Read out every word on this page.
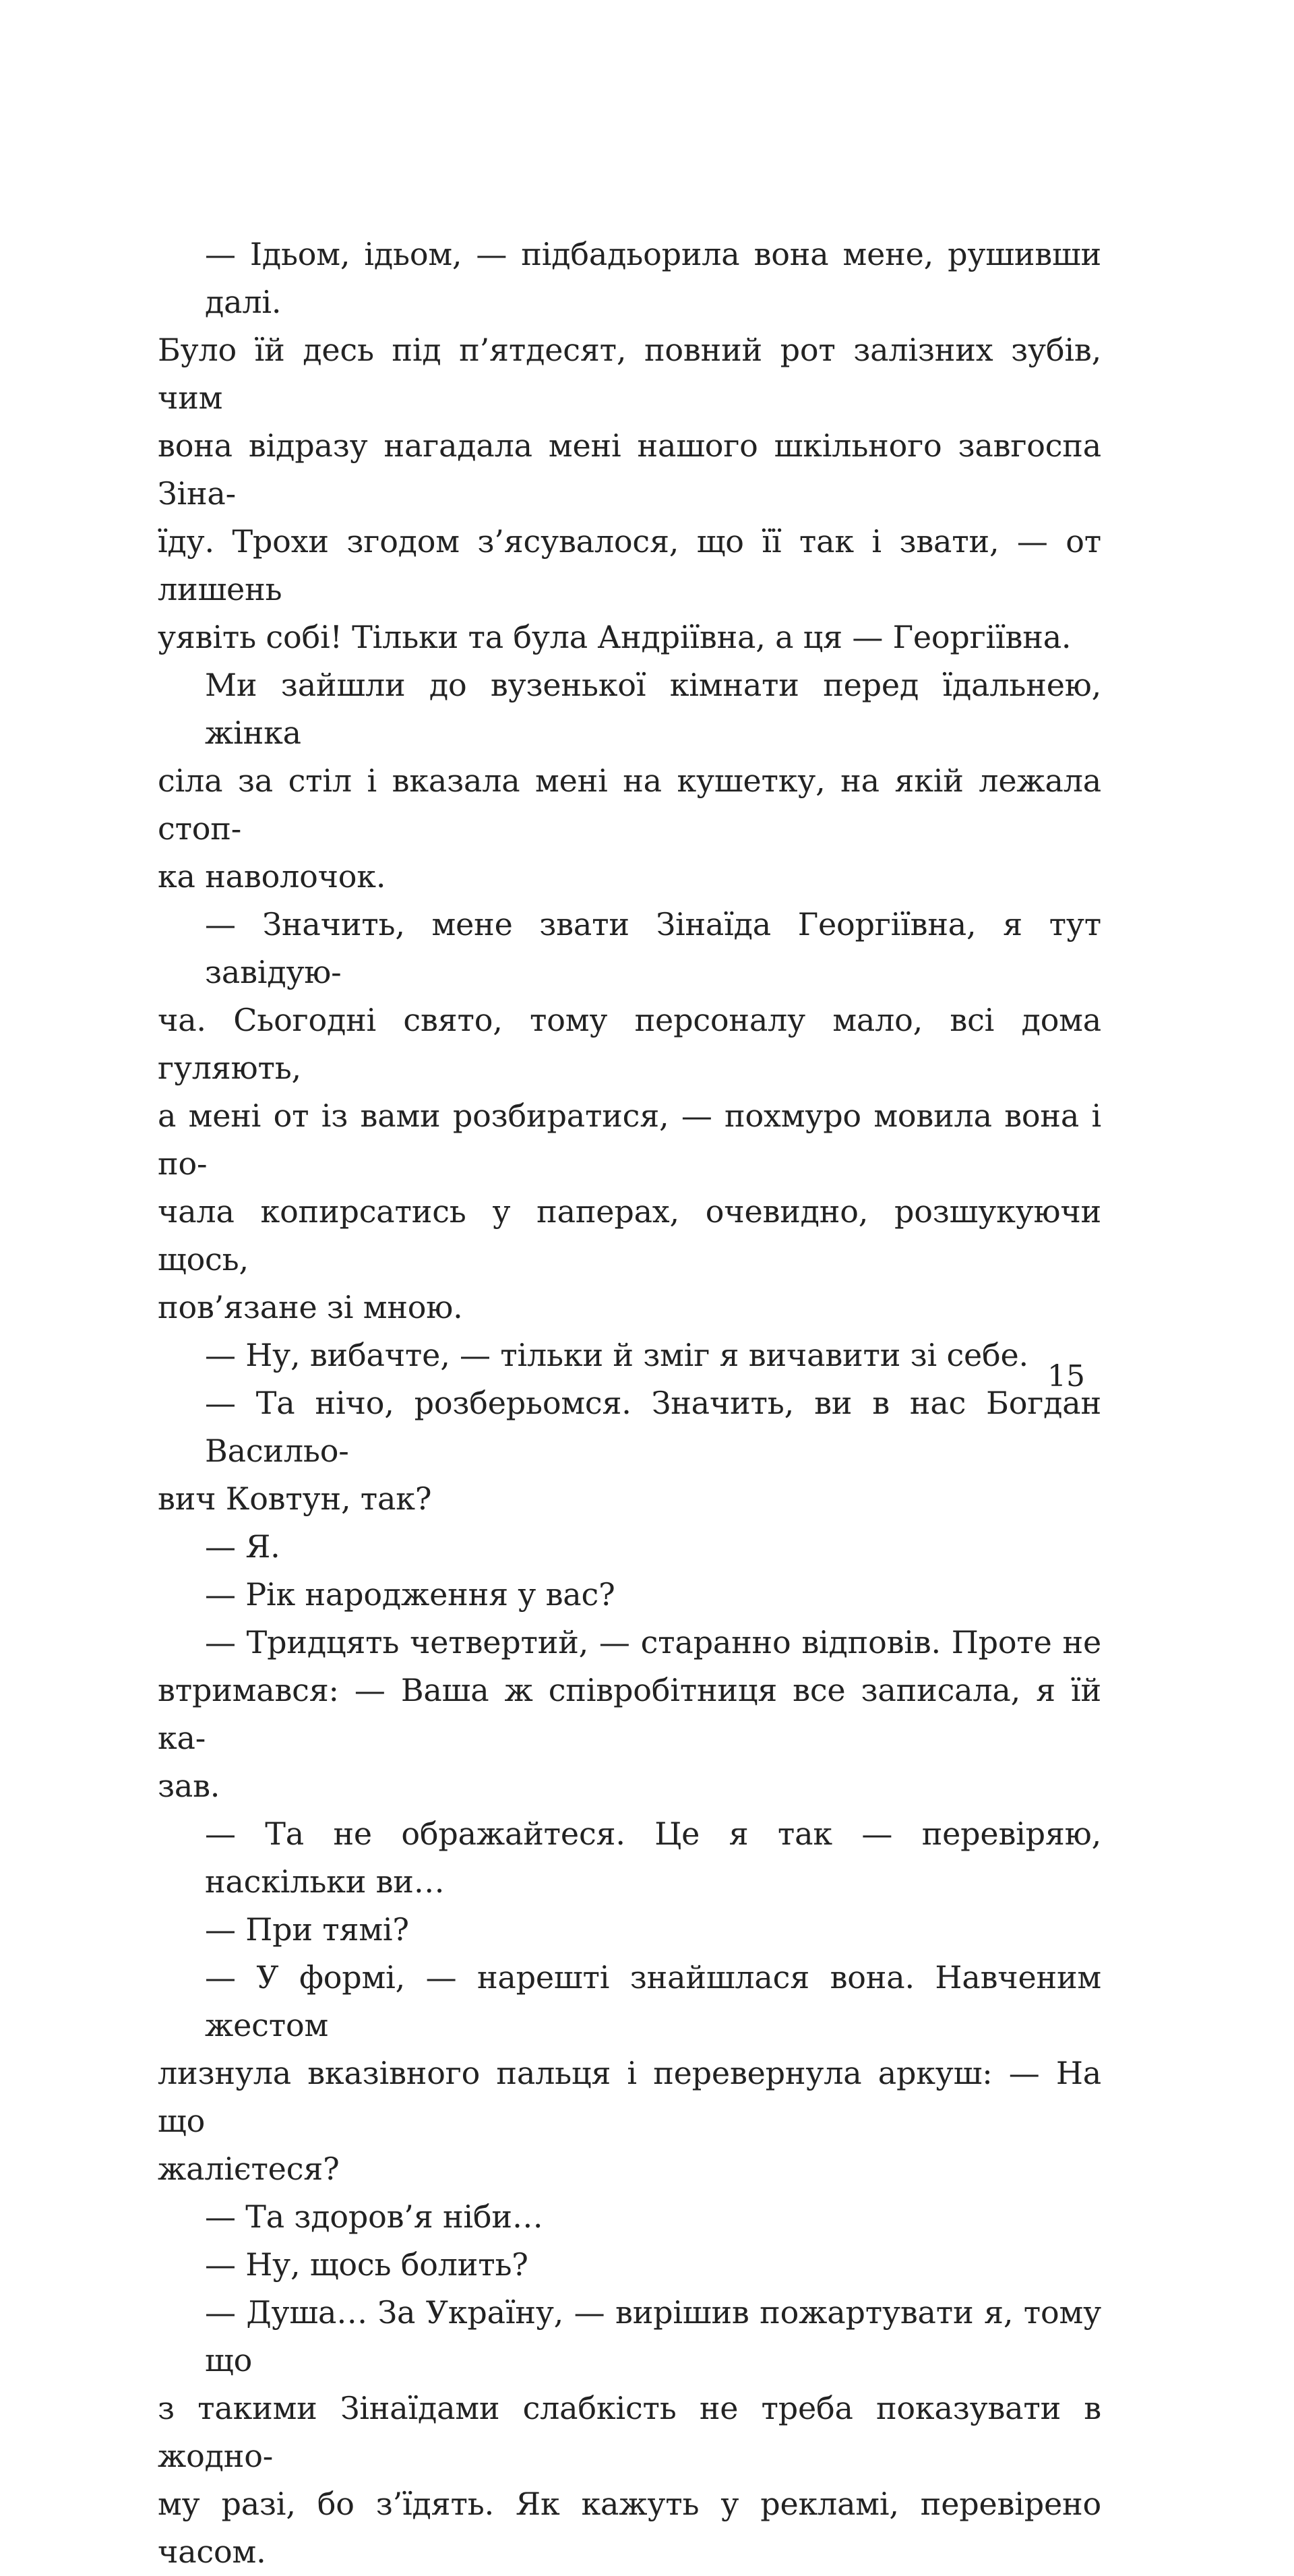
— Ідьом, ідьом, — підбадьорила вона мене, рушивши далі.
Було їй десь під п’ятдесят, повний рот залізних зубів, чим
вона відразу нагадала мені нашого шкільного завгоспа Зіна-
їду. Трохи згодом з’ясувалося, що її так і звати, — от лишень
уявіть собі! Тільки та була Андріївна, а ця — Георгіївна.

Ми зайшли до вузенької кімнати перед їдальнею, жінка
сіла за стіл і вказала мені на кушетку, на якій лежала стоп-
ка наволочок.

— Значить, мене звати Зінаїда Георгіївна, я тут завідую-
ча. Сьогодні свято, тому персоналу мало, всі дома гуляють,
а мені от із вами розбиратися, — похмуро мовила вона і по-
чала копирсатись у паперах, очевидно, розшукуючи щось,
пов’язане зі мною.

— Ну, вибачте, — тільки й зміг я вичавити зі себе.

— Та нічо, розберьомся. Значить, ви в нас Богдан Васильо-
вич Ковтун, так?

— Я.

— Рік народження у вас?

— Тридцять четвертий, — старанно відповів. Проте не
втримався: — Ваша ж співробітниця все записала, я їй ка-
зав.

— Та не ображайтеся. Це я так — перевіряю, наскільки ви…

— При тямі?

— У формі, — нарешті знайшлася вона. Навченим жестом
лизнула вказівного пальця і перевернула аркуш: — На що
жалієтеся?

— Та здоров’я ніби…

— Ну, щось болить?

— Душа… За Україну, — вирішив пожартувати я, тому що
з такими Зінаїдами слабкість не треба показувати в жодно-
му разі, бо з’їдять. Як кажуть у рекламі, перевірено часом.

15
